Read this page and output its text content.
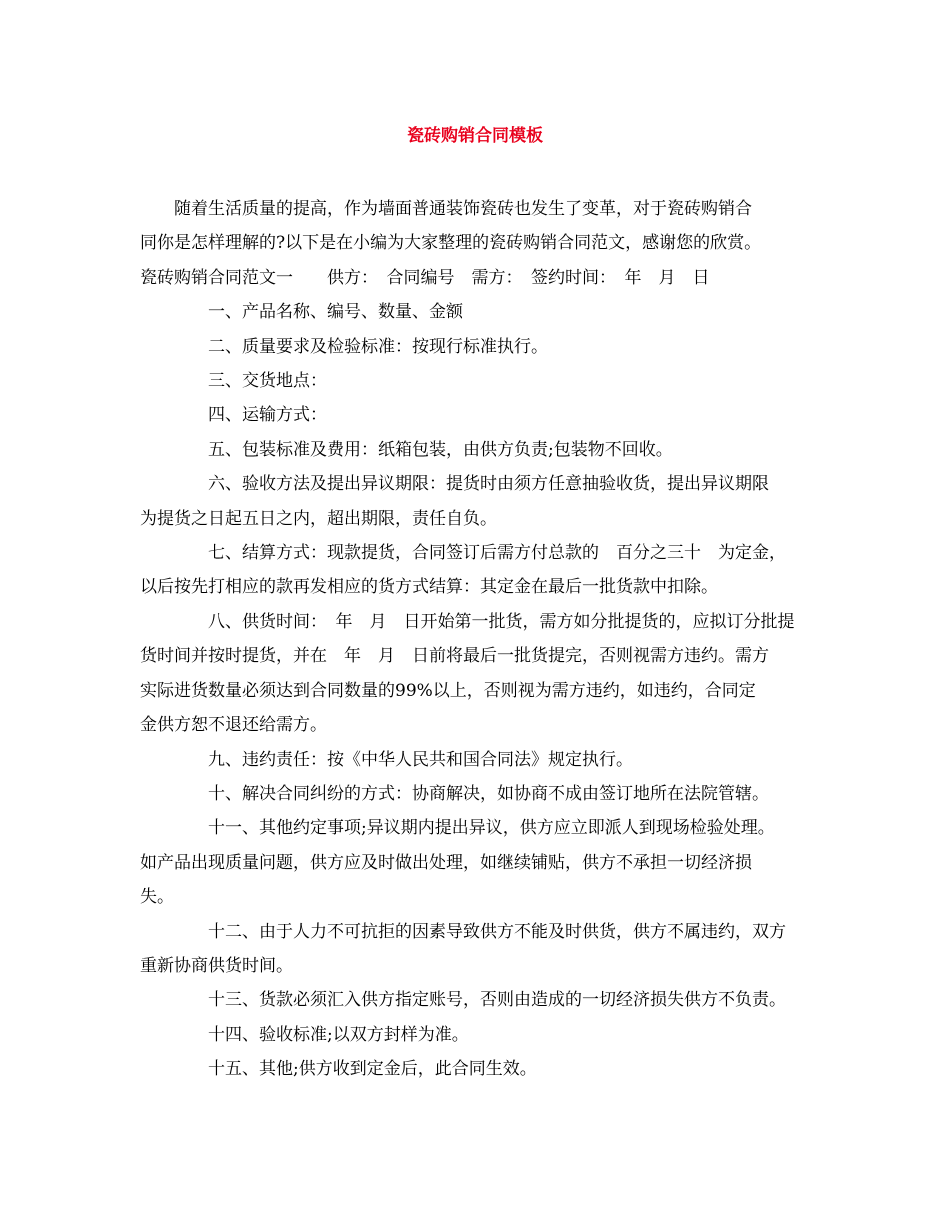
瓷砖购销合同模板

随着生活质量的提高，作为墙面普通装饰瓷砖也发生了变革，对于瓷砖购销合

同你是怎样理解的?以下是在小编为大家整理的瓷砖购销合同范文，感谢您的欣赏。
瓷砖购销合同范文一　　供方：　合同编号　需方：　签约时间：　年　月　日

一、产品名称、编号、数量、金额

二、质量要求及检验标准：按现行标准执行。

三、交货地点：

四、运输方式：

五、包装标准及费用：纸箱包装，由供方负责;包装物不回收。

六、验收方法及提出异议期限：提货时由须方任意抽验收货，提出异议期限

为提货之日起五日之内，超出期限，责任自负。

七、结算方式：现款提货，合同签订后需方付总款的　百分之三十　为定金，

以后按先打相应的款再发相应的货方式结算：其定金在最后一批货款中扣除。

八、供货时间：　年　月　日开始第一批货，需方如分批提货的，应拟订分批提

货时间并按时提货，并在　年　月　日前将最后一批货提完，否则视需方违约。需方

实际进货数量必须达到合同数量的99%以上，否则视为需方违约，如违约，合同定

金供方恕不退还给需方。

九、违约责任：按《中华人民共和国合同法》规定执行。

十、解决合同纠纷的方式：协商解决，如协商不成由签订地所在法院管辖。

十一、其他约定事项;异议期内提出异议，供方应立即派人到现场检验处理。

如产品出现质量问题，供方应及时做出处理，如继续铺贴，供方不承担一切经济损

失。

十二、由于人力不可抗拒的因素导致供方不能及时供货，供方不属违约，双方

重新协商供货时间。

十三、货款必须汇入供方指定账号，否则由造成的一切经济损失供方不负责。

十四、验收标准;以双方封样为准。

十五、其他;供方收到定金后，此合同生效。
